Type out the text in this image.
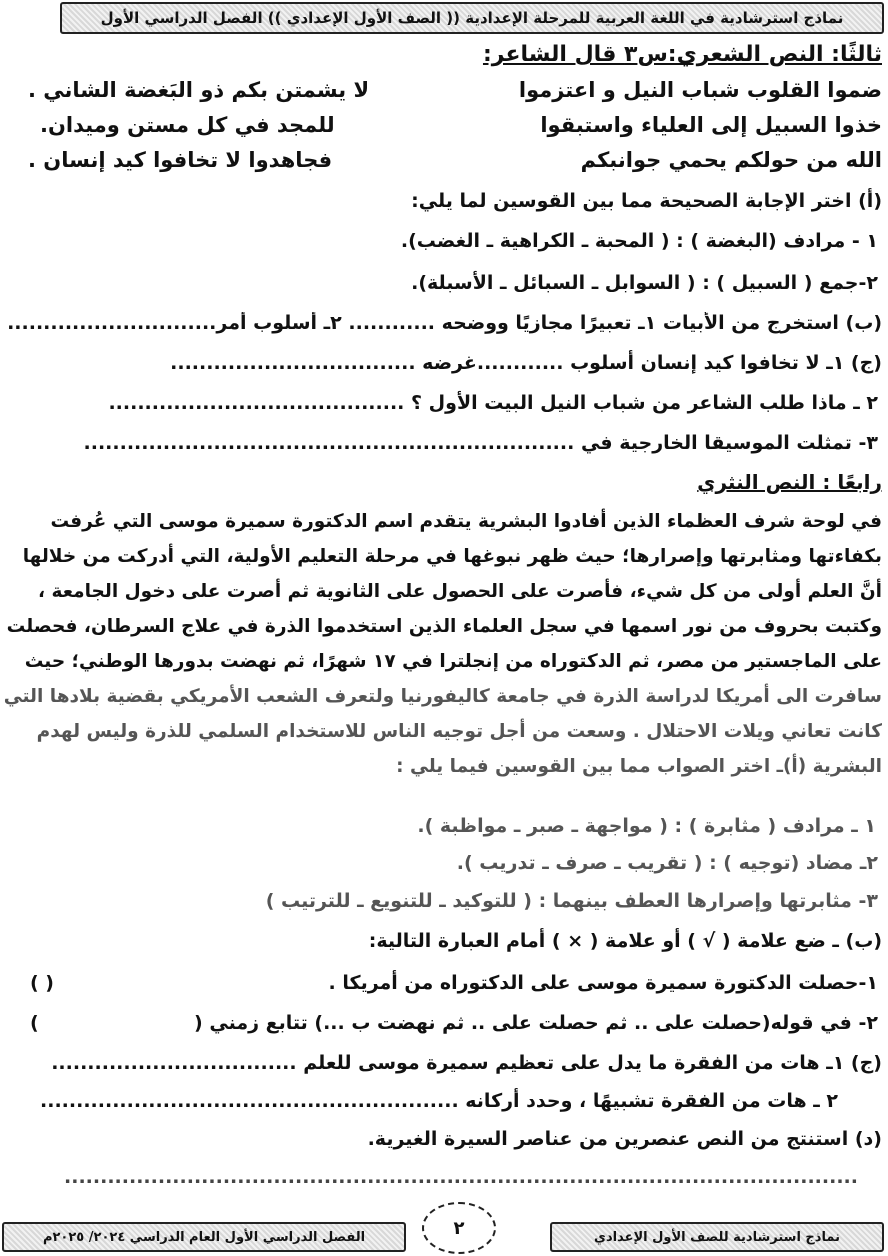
نماذج استرشادية في اللغة العربية للمرحلة الإعدادية (( الصف الأول الإعدادي )) الفصل الدراسي الأول
ثالثًا: النص الشعري:س٣ قال الشاعر:
ضموا القلوب شباب النيل و اعتزموا
لا يشمتن بكم ذو البَغضة الشاني .
خذوا السبيل إلى العلياء واستبقوا
للمجد في كل مستن وميدان.
الله من حولكم يحمي جوانبكم
فجاهدوا لا تخافوا كيد إنسان .
(أ) اختر الإجابة الصحيحة مما بين القوسين لما يلي:
١ - مرادف (البغضة ) : ( المحبة ـ الكراهية ـ الغضب).
٢-جمع ( السبيل ) : ( السوابل ـ السبائل ـ الأسبلة).
(ب) استخرج من الأبيات ١ـ تعبيرًا مجازيًا ووضحه ............ ٢ـ أسلوب أمر.............................
(ج) ١ـ لا تخافوا كيد إنسان أسلوب ............غرضه ..................................
٢ ـ ماذا طلب الشاعر من شباب النيل البيت الأول ؟ .........................................
٣- تمثلت الموسيقا الخارجية في ....................................................................
رابعًا : النص النثري
في لوحة شرف العظماء الذين أفادوا البشرية يتقدم اسم الدكتورة سميرة موسى التي عُرفت
بكفاءتها ومثابرتها وإصرارها؛ حيث ظهر نبوغها في مرحلة التعليم الأولية، التي أدركت من خلالها
أنَّ العلم أولى من كل شيء، فأصرت على الحصول على الثانوية ثم أصرت على دخول الجامعة ،
وكتبت بحروف من نور اسمها في سجل العلماء الذين استخدموا الذرة في علاج السرطان، فحصلت
على الماجستير من مصر، ثم الدكتوراه من إنجلترا في ١٧ شهرًا، ثم نهضت بدورها الوطني؛ حيث
سافرت الى أمريكا لدراسة الذرة في جامعة كاليفورنيا ولتعرف الشعب الأمريكي بقضية بلادها التي
كانت تعاني ويلات الاحتلال . وسعت من أجل توجيه الناس للاستخدام السلمي للذرة وليس لهدم
البشرية (أ)ـ اختر الصواب مما بين القوسين فيما يلي :
١ ـ مرادف ( مثابرة ) : ( مواجهة ـ صبر ـ مواظبة ).
٢ـ مضاد (توجيه ) : ( تقريب ـ صرف ـ تدريب ).
٣- مثابرتها وإصرارها العطف بينهما : ( للتوكيد ـ للتنويع ـ للترتيب )
(ب) ـ ضع علامة ( √ ) أو علامة ( × ) أمام العبارة التالية:
١-حصلت الدكتورة سميرة موسى على الدكتوراه من أمريكا .
( )
٢- في قوله(حصلت على .. ثم حصلت على .. ثم نهضت ب ...) تتابع زمني (
)
(ج) ١ـ هات من الفقرة ما يدل على تعظيم سميرة موسى للعلم ..................................
٢ ـ هات من الفقرة تشبيهًا ، وحدد أركانه ..........................................................
(د) استنتج من النص عنصرين من عناصر السيرة الغيرية.
..............................................................................................................
نماذج استرشادية للصف الأول الإعدادي
٢
الفصل الدراسي الأول العام الدراسي ٢٠٢٤/ ٢٠٢٥م
